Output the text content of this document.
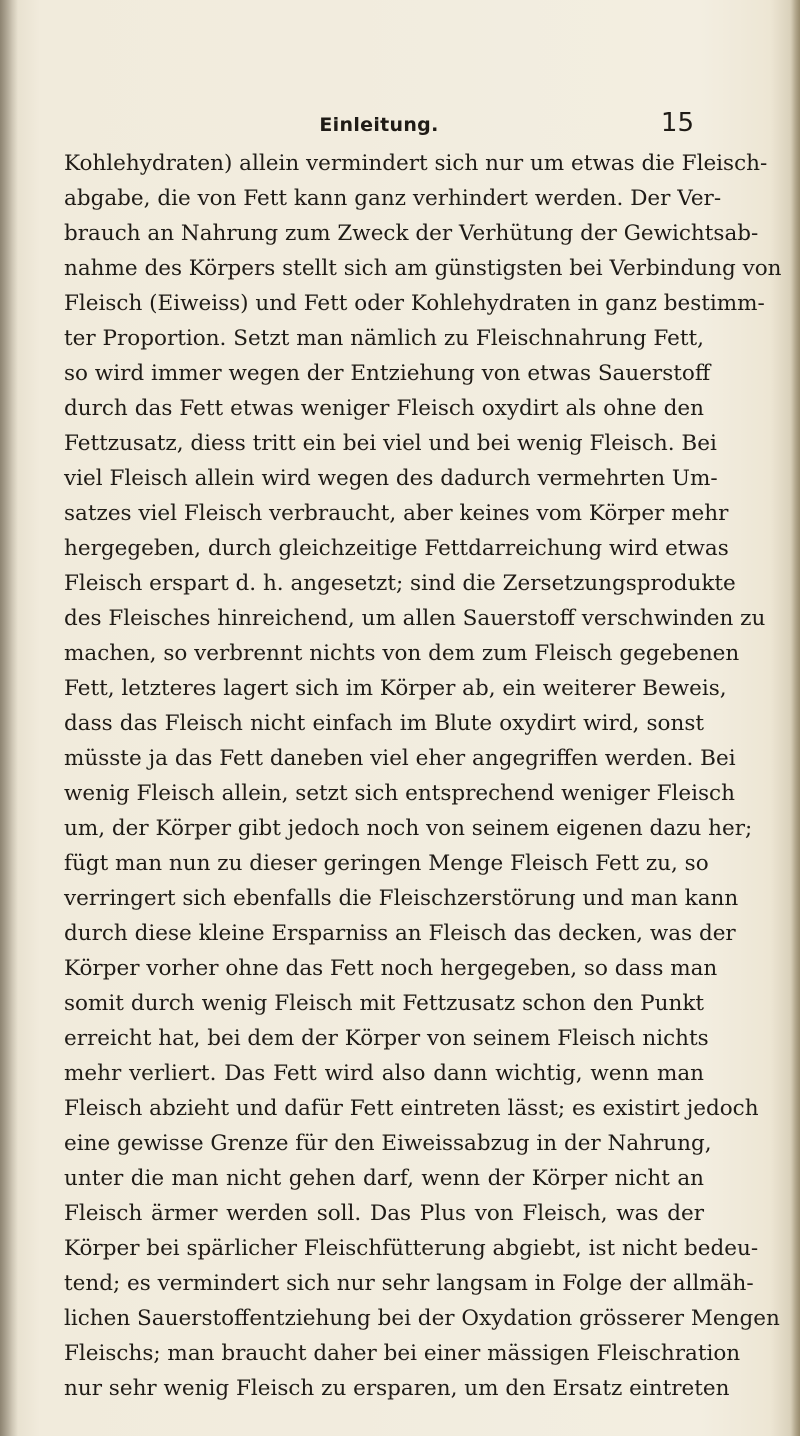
Einleitung.	15
Kohlehydraten) allein vermindert sich nur um etwas die Fleisch-
abgabe, die von Fett kann ganz verhindert werden. Der Ver-
brauch an Nahrung zum Zweck der Verhütung der Gewichtsab-
nahme des Körpers stellt sich am günstigsten bei Verbindung von
Fleisch (Eiweiss) und Fett oder Kohlehydraten in ganz bestimm-
ter Proportion. Setzt man nämlich zu Fleischnahrung Fett,
so wird immer wegen der Entziehung von etwas Sauerstoff
durch das Fett etwas weniger Fleisch oxydirt als ohne den
Fettzusatz, diess tritt ein bei viel und bei wenig Fleisch. Bei
viel Fleisch allein wird wegen des dadurch vermehrten Um-
satzes viel Fleisch verbraucht, aber keines vom Körper mehr
hergegeben, durch gleichzeitige Fettdarreichung wird etwas
Fleisch erspart d. h. angesetzt; sind die Zersetzungsprodukte
des Fleisches hinreichend, um allen Sauerstoff verschwinden zu
machen, so verbrennt nichts von dem zum Fleisch gegebenen
Fett, letzteres lagert sich im Körper ab, ein weiterer Beweis,
dass das Fleisch nicht einfach im Blute oxydirt wird, sonst
müsste ja das Fett daneben viel eher angegriffen werden. Bei
wenig Fleisch allein, setzt sich entsprechend weniger Fleisch
um, der Körper gibt jedoch noch von seinem eigenen dazu her;
fügt man nun zu dieser geringen Menge Fleisch Fett zu, so
verringert sich ebenfalls die Fleischzerstörung und man kann
durch diese kleine Ersparniss an Fleisch das decken, was der
Körper vorher ohne das Fett noch hergegeben, so dass man
somit durch wenig Fleisch mit Fettzusatz schon den Punkt
erreicht hat, bei dem der Körper von seinem Fleisch nichts
mehr verliert. Das Fett wird also dann wichtig, wenn man
Fleisch abzieht und dafür Fett eintreten lässt; es existirt jedoch
eine gewisse Grenze für den Eiweissabzug in der Nahrung,
unter die man nicht gehen darf, wenn der Körper nicht an
Fleisch ärmer werden soll. Das Plus von Fleisch, was der
Körper bei spärlicher Fleischfütterung abgiebt, ist nicht bedeu-
tend; es vermindert sich nur sehr langsam in Folge der allmäh-
lichen Sauerstoffentziehung bei der Oxydation grösserer Mengen
Fleischs; man braucht daher bei einer mässigen Fleischration
nur sehr wenig Fleisch zu ersparen, um den Ersatz eintreten
